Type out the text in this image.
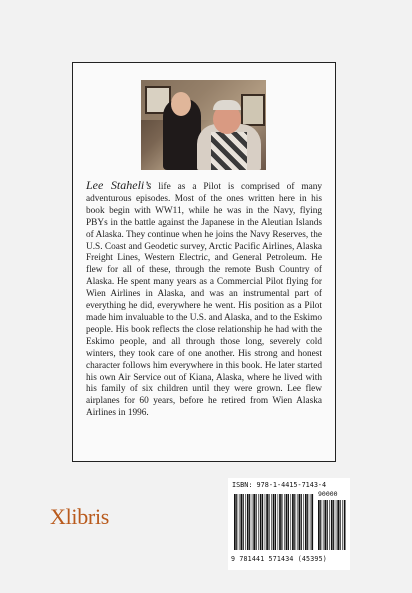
Lee Staheli’s life as a Pilot is comprised of many adventurous episodes. Most of the ones written here in his book begin with WW11, while he was in the Navy, flying PBYs in the battle against the Japanese in the Aleutian Islands of Alaska. They continue when he joins the Navy Reserves, the U.S. Coast and Geodetic survey, Arctic Pacific Airlines, Alaska Freight Lines, Western Electric, and General Petroleum. He flew for all of these, through the remote Bush Country of Alaska. He spent many years as a Commercial Pilot flying for Wien Airlines in Alaska, and was an instrumental part of everything he did, everywhere he went. His position as a Pilot made him invaluable to the U.S. and Alaska, and to the Eskimo people. His book reflects the close relationship he had with the Eskimo people, and all through those long, severely cold winters, they took care of one another. His strong and honest character follows him everywhere in this book. He later started his own Air Service out of Kiana, Alaska, where he lived with his family of six children until they were grown. Lee flew airplanes for 60 years, before he retired from Wien Alaska Airlines in 1996.

ISBN: 978-1-4415-7143-4
90000
9 781441 571434 (45395)
Xlibris
